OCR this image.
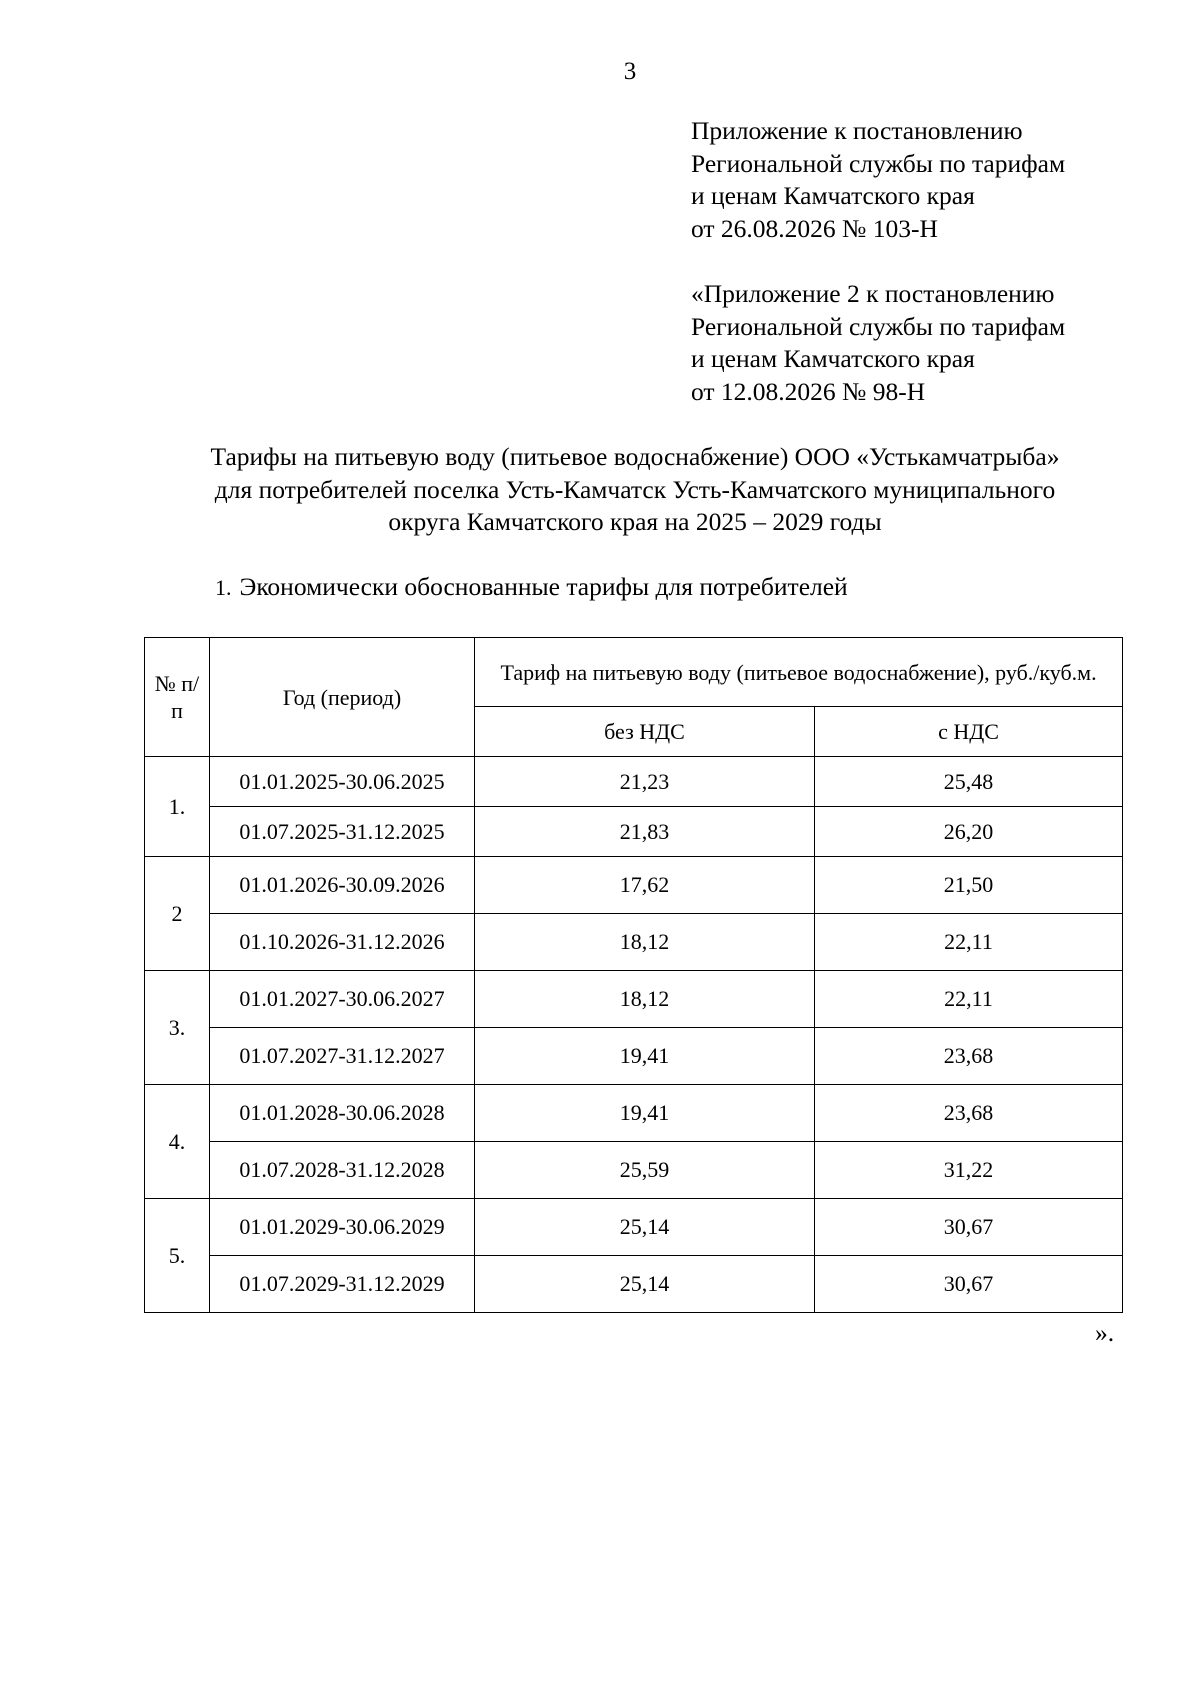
3
Приложение к постановлению
Региональной службы по тарифам
и ценам Камчатского края
от 26.08.2026 № 103-Н
«Приложение 2 к постановлению
Региональной службы по тарифам
и ценам Камчатского края
от 12.08.2026 № 98-Н
Тарифы на питьевую воду (питьевое водоснабжение) ООО «Устькамчатрыба»
для потребителей поселка Усть-Камчатск Усть-Камчатского муниципального
округа Камчатского края на 2025 – 2029 годы
1. Экономически обоснованные тарифы для потребителей
№ п/п	Год (период)	Тариф на питьевую воду (питьевое водоснабжение), руб./куб.м.	
		без НДС	с НДС
1.	01.01.2025-30.06.2025	21,23	25,48
	01.07.2025-31.12.2025	21,83	26,20
2	01.01.2026-30.09.2026	17,62	21,50
	01.10.2026-31.12.2026	18,12	22,11
3.	01.01.2027-30.06.2027	18,12	22,11
	01.07.2027-31.12.2027	19,41	23,68
4.	01.01.2028-30.06.2028	19,41	23,68
	01.07.2028-31.12.2028	25,59	31,22
5.	01.01.2029-30.06.2029	25,14	30,67
	01.07.2029-31.12.2029	25,14	30,67
».
